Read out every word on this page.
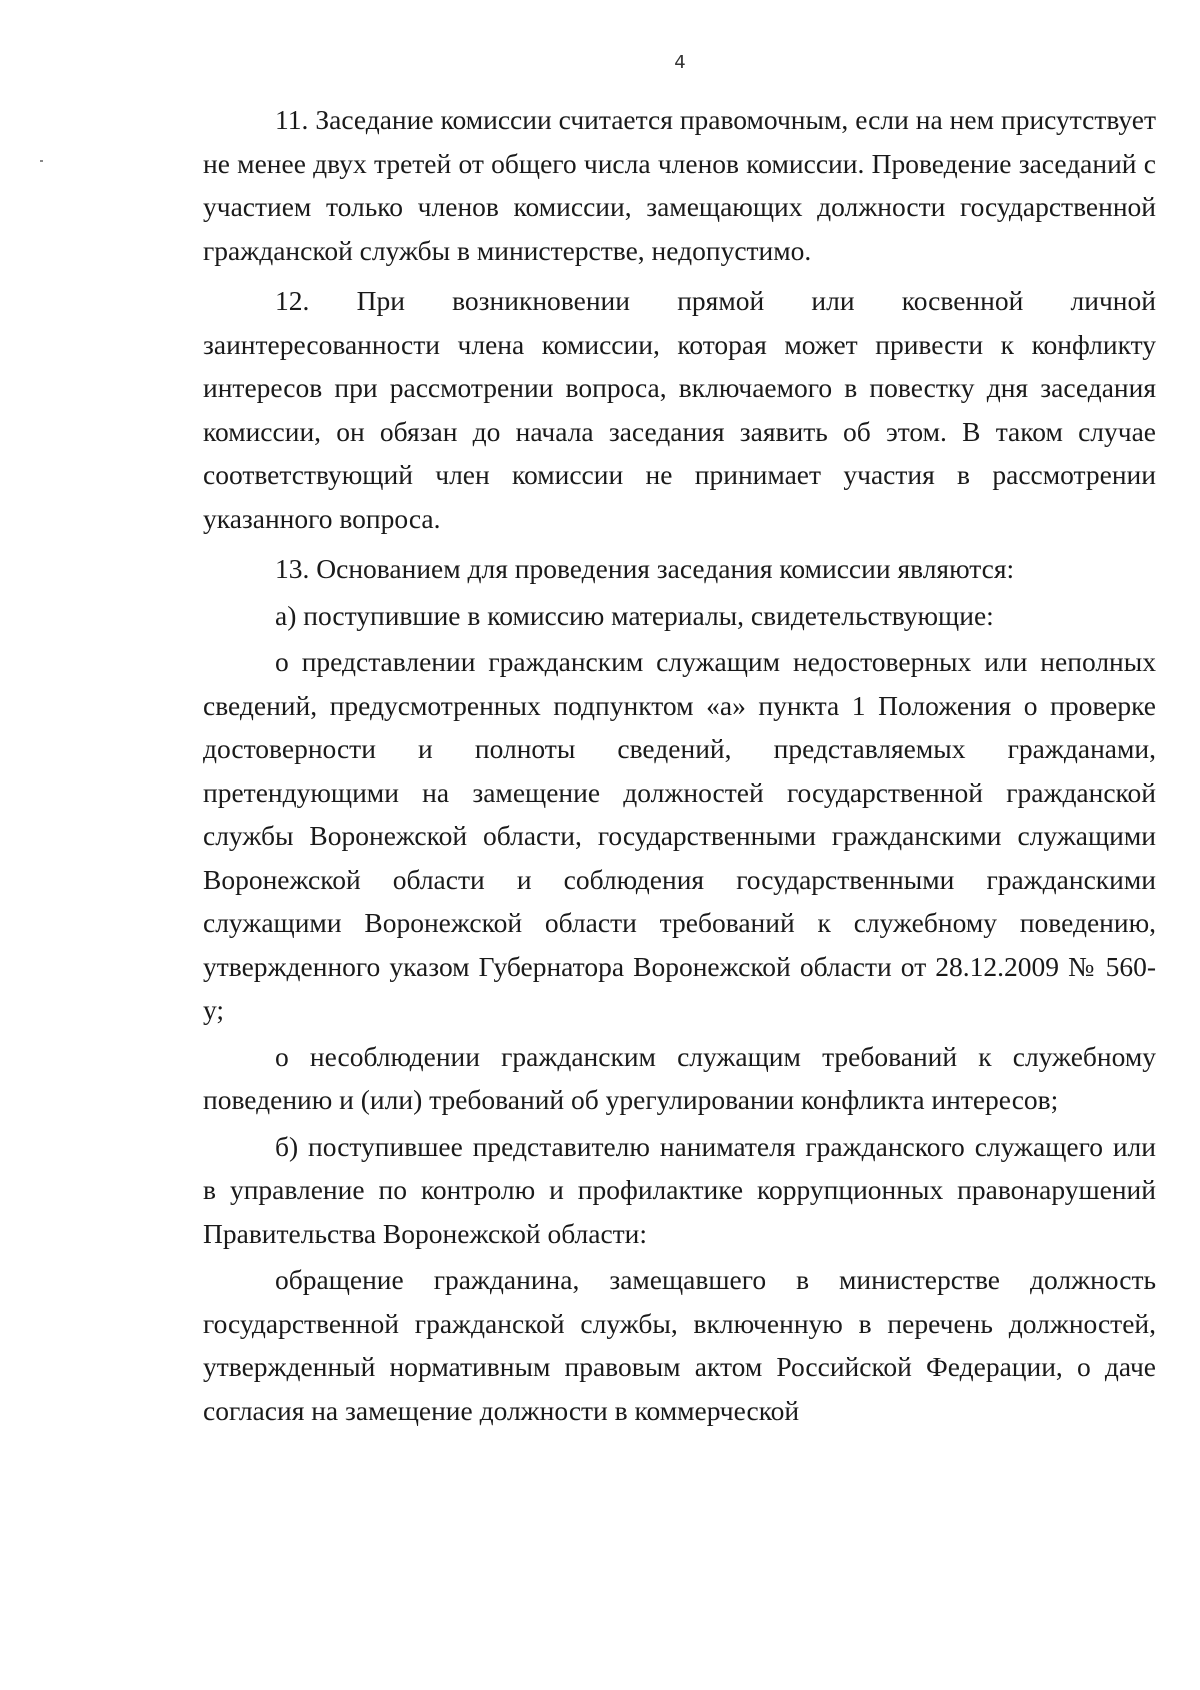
4

11. Заседание комиссии считается правомочным, если на нем присутствует не менее двух третей от общего числа членов комиссии. Проведение заседаний с участием только членов комиссии, замещающих должности государственной гражданской службы в министерстве, недопустимо.

12. При возникновении прямой или косвенной личной заинтересованности члена комиссии, которая может привести к конфликту интересов при рассмотрении вопроса, включаемого в повестку дня заседания комиссии, он обязан до начала заседания заявить об этом. В таком случае соответствующий член комиссии не принимает участия в рассмотрении указанного вопроса.

13. Основанием для проведения заседания комиссии являются:

а) поступившие в комиссию материалы, свидетельствующие:

о представлении гражданским служащим недостоверных или неполных сведений, предусмотренных подпунктом «а» пункта 1 Положения о проверке достоверности и полноты сведений, представляемых гражданами, претендующими на замещение должностей государственной гражданской службы Воронежской области, государственными гражданскими служащими Воронежской области и соблюдения государственными гражданскими служащими Воронежской области требований к служебному поведению, утвержденного указом Губернатора Воронежской области от 28.12.2009 № 560-у;

о несоблюдении гражданским служащим требований к служебному поведению и (или) требований об урегулировании конфликта интересов;

б) поступившее представителю нанимателя гражданского служащего или в управление по контролю и профилактике коррупционных правонарушений Правительства Воронежской области:

обращение гражданина, замещавшего в министерстве должность государственной гражданской службы, включенную в перечень должностей, утвержденный нормативным правовым актом Российской Федерации, о даче согласия на замещение должности в коммерческой
